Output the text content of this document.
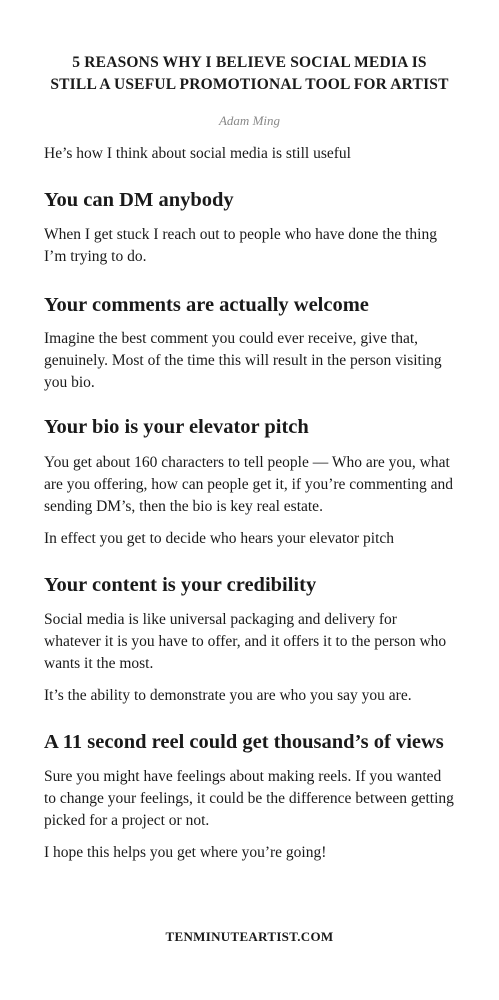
5 REASONS WHY I BELIEVE SOCIAL MEDIA IS STILL A USEFUL PROMOTIONAL TOOL FOR ARTIST
Adam Ming

He’s how I think about social media is still useful

You can DM anybody

When I get stuck I reach out to people who have done the thing I’m trying to do.

Your comments are actually welcome

Imagine the best comment you could ever receive, give that, genuinely. Most of the time this will result in the person visiting you bio.

Your bio is your elevator pitch

You get about 160 characters to tell people — Who are you, what are you offering, how can people get it, if you’re commenting and sending DM’s, then the bio is key real estate.

In effect you get to decide who hears your elevator pitch

Your content is your credibility

Social media is like universal packaging and delivery for whatever it is you have to offer, and it offers it to the person who wants it the most.

It’s the ability to demonstrate you are who you say you are.

A 11 second reel could get thousand’s of views

Sure you might have feelings about making reels. If you wanted to change your feelings, it could be the difference between getting picked for a project or not.

I hope this helps you get where you’re going!

TENMINUTEARTIST.COM
